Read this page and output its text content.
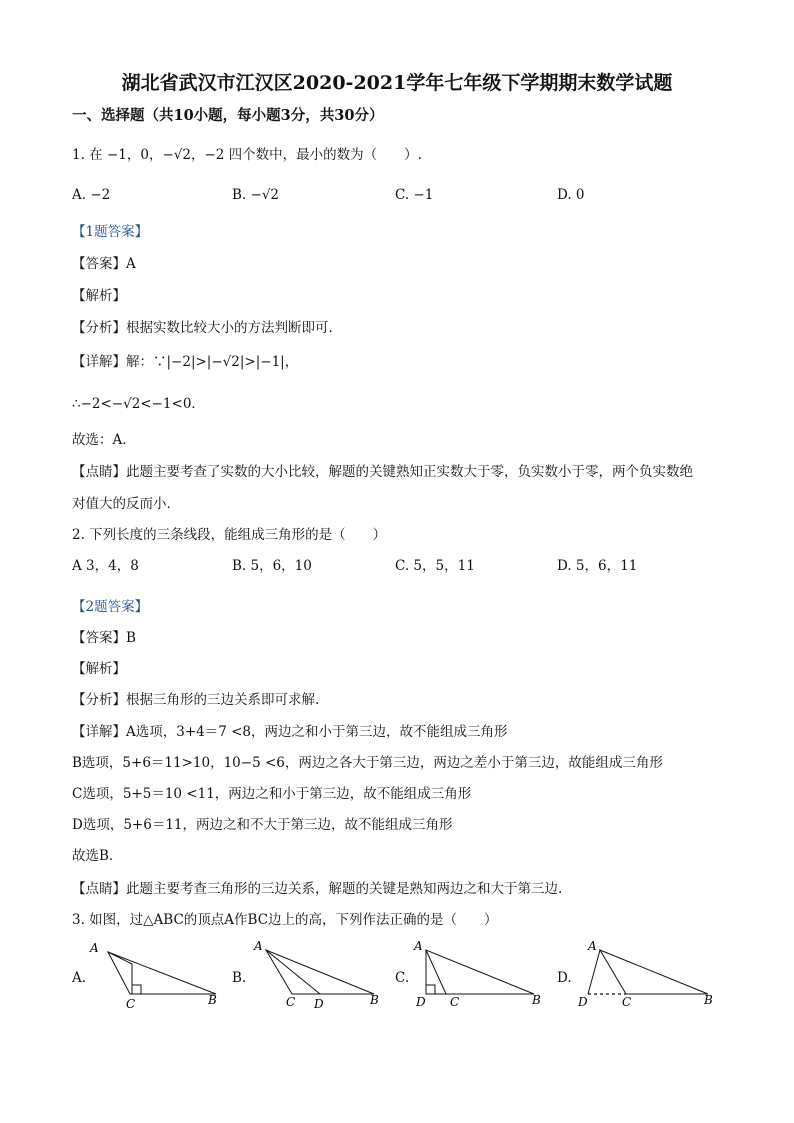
湖北省武汉市江汉区2020-2021学年七年级下学期期末数学试题
一、选择题（共10小题，每小题3分，共30分）
1. 在 −1，0，−√2，−2 四个数中，最小的数为（　　）.
A. −2	B. −√2	C. −1	D. 0
【1题答案】
【答案】A
【解析】
【分析】根据实数比较大小的方法判断即可．
【详解】解：∵|−2|>|−√2|>|−1|，
∴−2<−√2<−1<0．
故选：A．
【点睛】此题主要考查了实数的大小比较，解题的关键熟知正实数大于零，负实数小于零，两个负实数绝
对值大的反而小．
2. 下列长度的三条线段，能组成三角形的是（　　）
A 3，4，8	B. 5，6，10	C. 5，5，11	D. 5，6，11
【2题答案】
【答案】B
【解析】
【分析】根据三角形的三边关系即可求解.
【详解】A选项，3+4＝7 <8，两边之和小于第三边，故不能组成三角形
B选项，5+6＝11>10，10−5 <6，两边之各大于第三边，两边之差小于第三边，故能组成三角形
C选项，5+5＝10 <11，两边之和小于第三边，故不能组成三角形
D选项，5+6＝11，两边之和不大于第三边，故不能组成三角形
故选B．
【点睛】此题主要考查三角形的三边关系，解题的关键是熟知两边之和大于第三边.
3. 如图，过△ABC的顶点A作BC边上的高，下列作法正确的是（　　）
A.
A
C	B
B.
A
C D	B
C.
A
D C	B
D.
A
D	C	B
